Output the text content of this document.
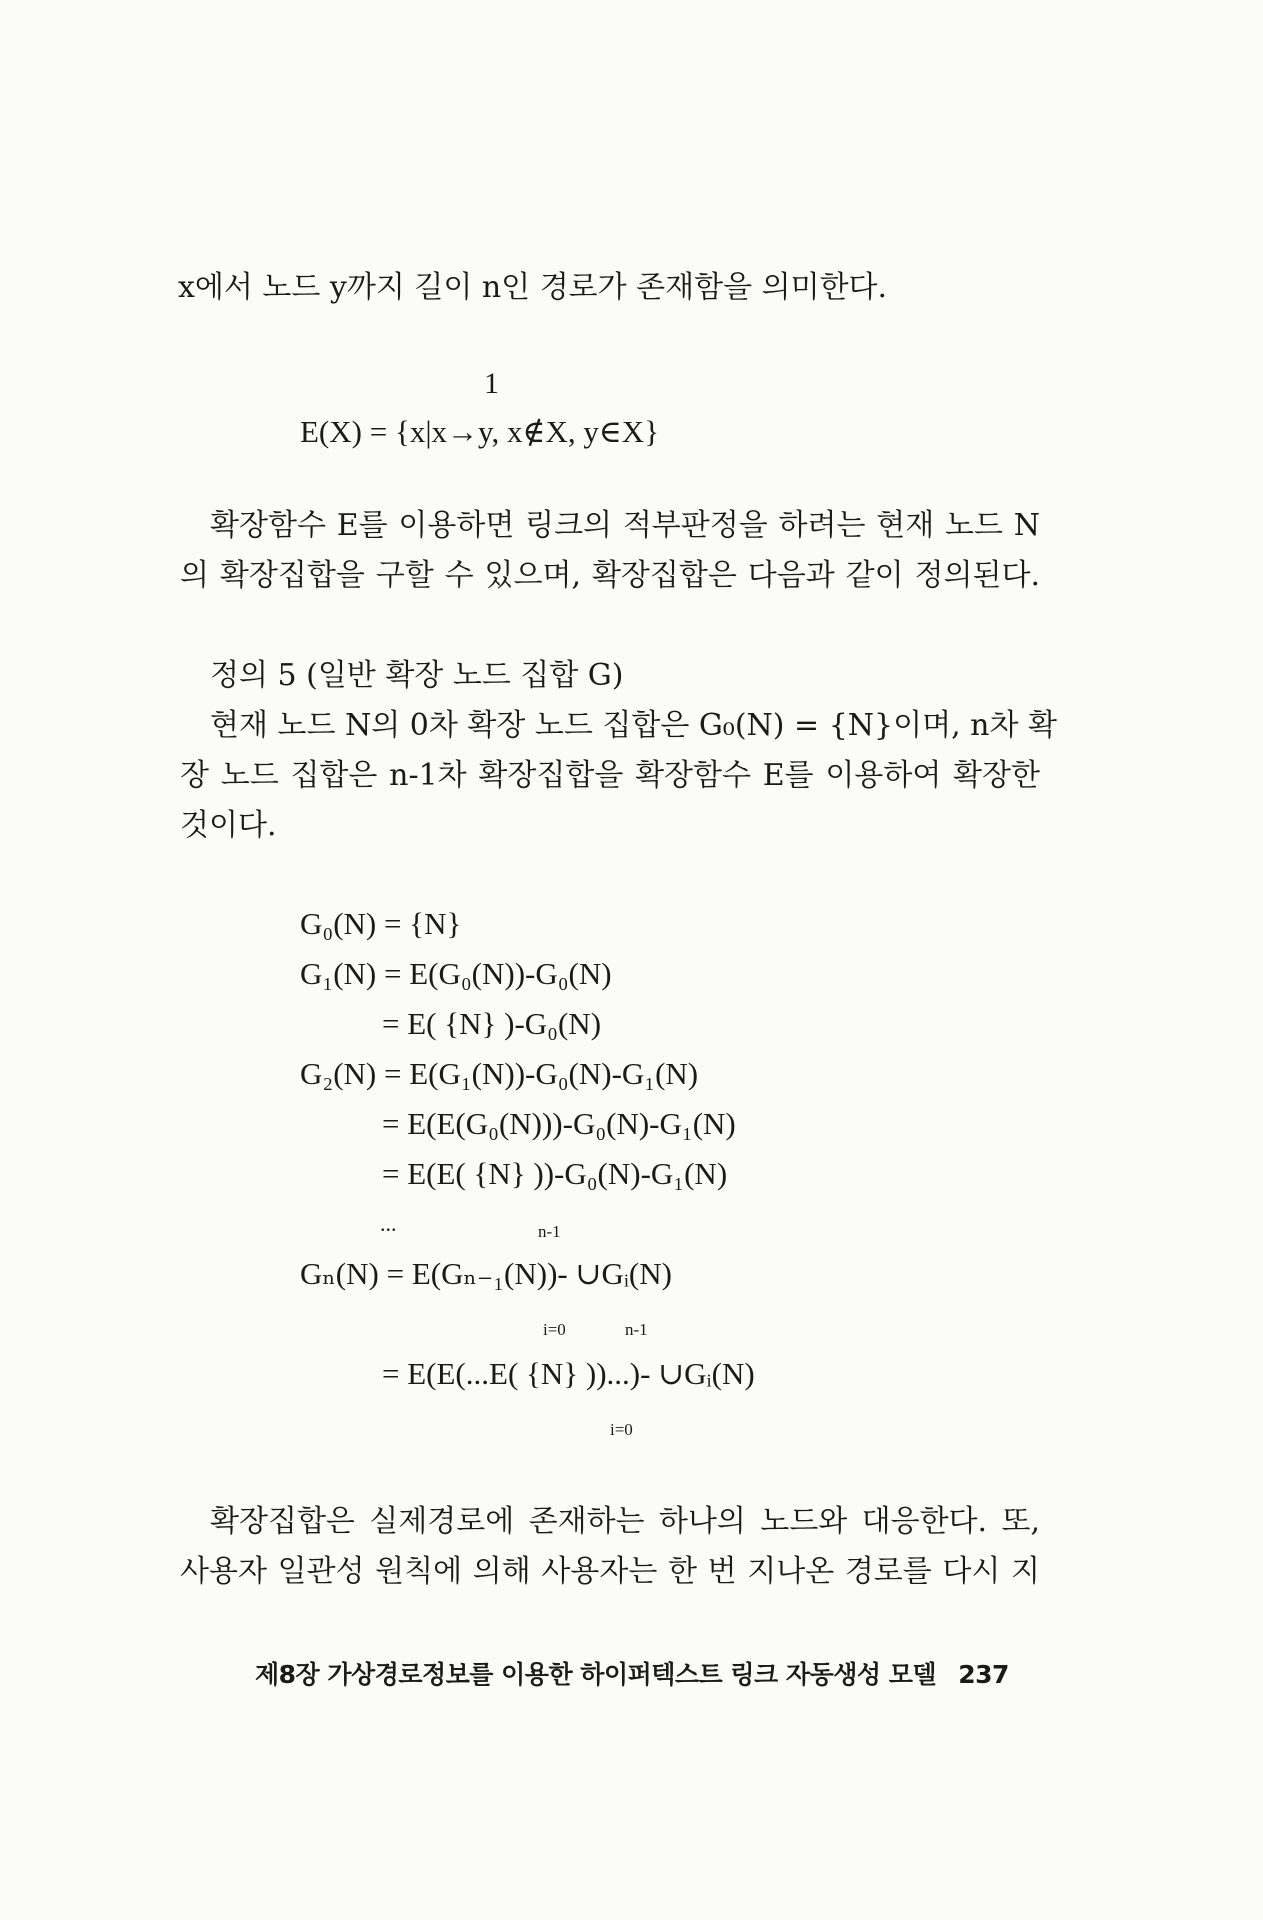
x에서 노드 y까지 길이 n인 경로가 존재함을 의미한다.
1
E(X) = {x|x→y, x∉X, y∈X}
확장함수 E를 이용하면 링크의 적부판정을 하려는 현재 노드 N
의 확장집합을 구할 수 있으며, 확장집합은 다음과 같이 정의된다.
정의 5 (일반 확장 노드 집합 G)
현재 노드 N의 0차 확장 노드 집합은 G₀(N) = {N}이며, n차 확
장 노드 집합은 n-1차 확장집합을 확장함수 E를 이용하여 확장한
것이다.
G₀(N) = {N}
G₁(N) = E(G₀(N))-G₀(N)
= E( {N} )-G₀(N)
G₂(N) = E(G₁(N))-G₀(N)-G₁(N)
= E(E(G₀(N)))-G₀(N)-G₁(N)
= E(E( {N} ))-G₀(N)-G₁(N)
...	n-1
Gₙ(N) = E(Gₙ₋₁(N))- ∪Gᵢ(N)
i=0	n-1
= E(E(...E( {N} ))...)- ∪Gᵢ(N)
i=0
확장집합은 실제경로에 존재하는 하나의 노드와 대응한다. 또,
사용자 일관성 원칙에 의해 사용자는 한 번 지나온 경로를 다시 지
제8장 가상경로정보를 이용한 하이퍼텍스트 링크 자동생성 모델 237
